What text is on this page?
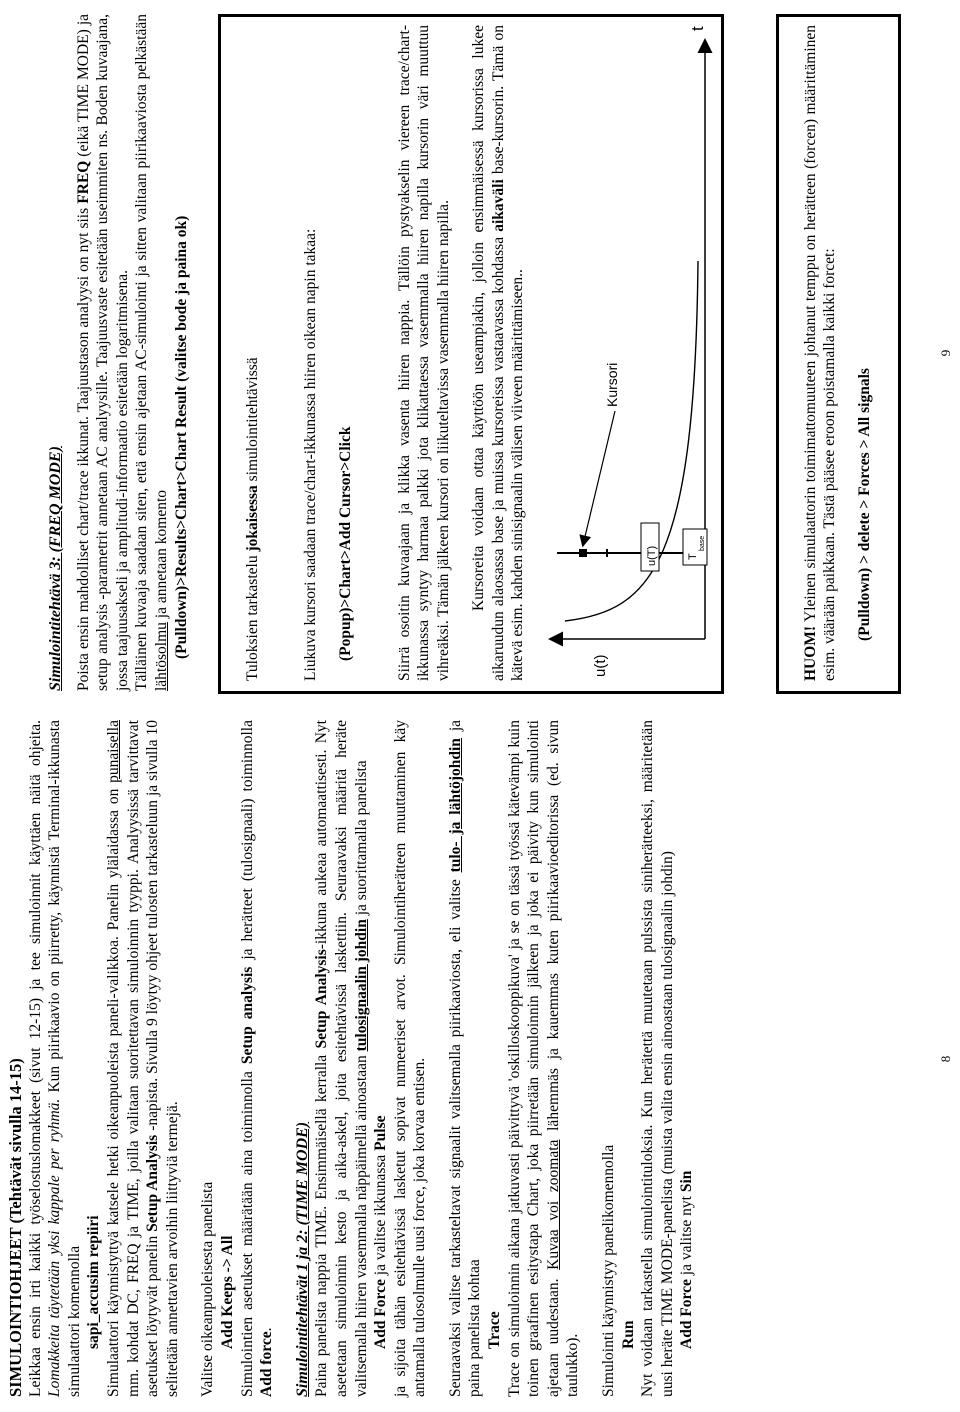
SIMULOINTIOHJEET (Tehtävät sivulla 14-15) Leikkaa ensin irti kaikki työselostuslomakkeet (sivut 12-15) ja tee simuloinnit käyttäen näitä ohjeita. Lomakkeita täytetään yksi kappale per ryhmä. Kun piirikaavio on piirretty, käynnistä Terminal-ikkunasta simulaattori komennolla sapi_accusim repiiri Simulaattori käynnistyttyä katsele hetki oikeanpuoleista paneli-valikkoa. Panelin ylälaidassa on punaisella mm. kohdat DC, FREQ ja TIME, joilla valitaan suoritettavan simuloinnin tyyppi. Analyysissä tarvittavat asetukset löytyvät panelin Setup Analysis -napista. Sivulla 9 löytyy ohjeet tulosten tarkasteluun ja sivulla 10 selitetään annettavien arvoihin liittyviä termejä. Valitse oikeanpuoleisesta panelista Add Keeps -> All Simulointien asetukset määrätään aina toiminnolla Setup analysis ja herätteet (tulosignaali) toiminnolla Add force. Simulointitehtävät 1 ja 2: (TIME MODE) Paina panelista nappia TIME. Ensimmäisellä kerralla Setup Analysis-ikkuna aukeaa automaattisesti. Nyt asetetaan simuloinnin kesto ja aika-askel, joita esitehtävissä laskettiin. Seuraavaksi määritä heräte valitsemalla hiiren vasemmalla näppäimellä ainoastaan tulosignaalin johdin ja suorittamalla panelista

Add Force ja valitse ikkunassa Pulse ja sijoita tähän esitehtävissä lasketut sopivat numeeriset arvot. Simulointiherätteen muuttaminen käy antamalla tulosolmulle uusi force, joka korvaa entisen. Seuraavaksi valitse tarkasteltavat signaalit valitsemalla piirikaaviosta, eli valitse tulo- ja lähtöjohdin ja paina panelista kohtaa Trace Trace on simuloinnin aikana jatkuvasti päivittyvä 'oskilloskooppikuva' ja se on tässä työssä kätevämpi kuin toinen graafinen esitystapa Chart, joka piirretään simuloinnin jälkeen ja joka ei päivity kun simulointi ajetaan uudestaan. Kuvaa voi zoomata lähemmäs ja kauemmas kuten piirikaavioeditorissa (ed. sivun taulukko). Simulointi käynnistyy panelikomennolla Run Nyt voidaan tarkastella simulointituloksia. Kun herätettä muutetaan pulssista siniherätteeksi, määritetään uusi heräte TIME MODE-panelista (muista valita ensin ainoastaan tulosignaalin johdin) Add Force ja valitse nyt Sin

8

Simulointitehtävä 3: (FREQ MODE) Poista ensin mahdolliset chart/trace ikkunat. Taajuustason analyysi on nyt siis FREQ (eikä TIME MODE) ja setup analysis -parametrit annetaan AC analyysille. Taajuusvaste esitetään useimmiten ns. Boden kuvaajana, jossa taajuusakseli ja amplitudi-informaatio esitetään logaritmisena. Tälläinen kuvaaja saadaan siten, että ensin ajetaan AC-simulointi ja sitten valitaan piirikaaviosta pelkästään lähtösolmu ja annetaan komento (Pulldown)>Results>Chart>Chart Result (valitse bode ja paina ok)	Tuloksien tarkastelu jokaisessa simulointitehtävissä	Liukuva kursori saadaan trace/chart-ikkunassa hiiren oikean napin takaa: (Popup)>Chart>Add Cursor>Click	Siirrä osoitin kuvaajaan ja klikka vasenta hiiren nappia. Tällöin pystyakselin viereen trace/chart-ikkunassa syntyy harmaa palkki jota klikattaessa vasemmalla hiiren napilla kursorin väri muuttuu vihreäksi. Tämän jälkeen kursori on liikuteltavissa vasemmalla hiiren napilla. Kursoreita voidaan ottaa käyttöön useampiakin, jolloin ensimmäisessä kursorissa lukee aikaruudun alaosassa base ja muissa kursoreissa vastaavassa kohdassa aikaväli base-kursorin. Tämä on kätevä esim. kahden sinisignaalin välisen viiveen määrittämiseen..	u(t)
t
u(T)	T
base
Kursori

HUOM! Yleinen simulaattorin toimimattomuuteen johtanut temppu on herätteen (forcen) määrittäminen esim. väärään paikkaan. Tästä pääsee eroon poistamalla kaikki forcet: (Pulldown) > delete > Forces > All signals

9
